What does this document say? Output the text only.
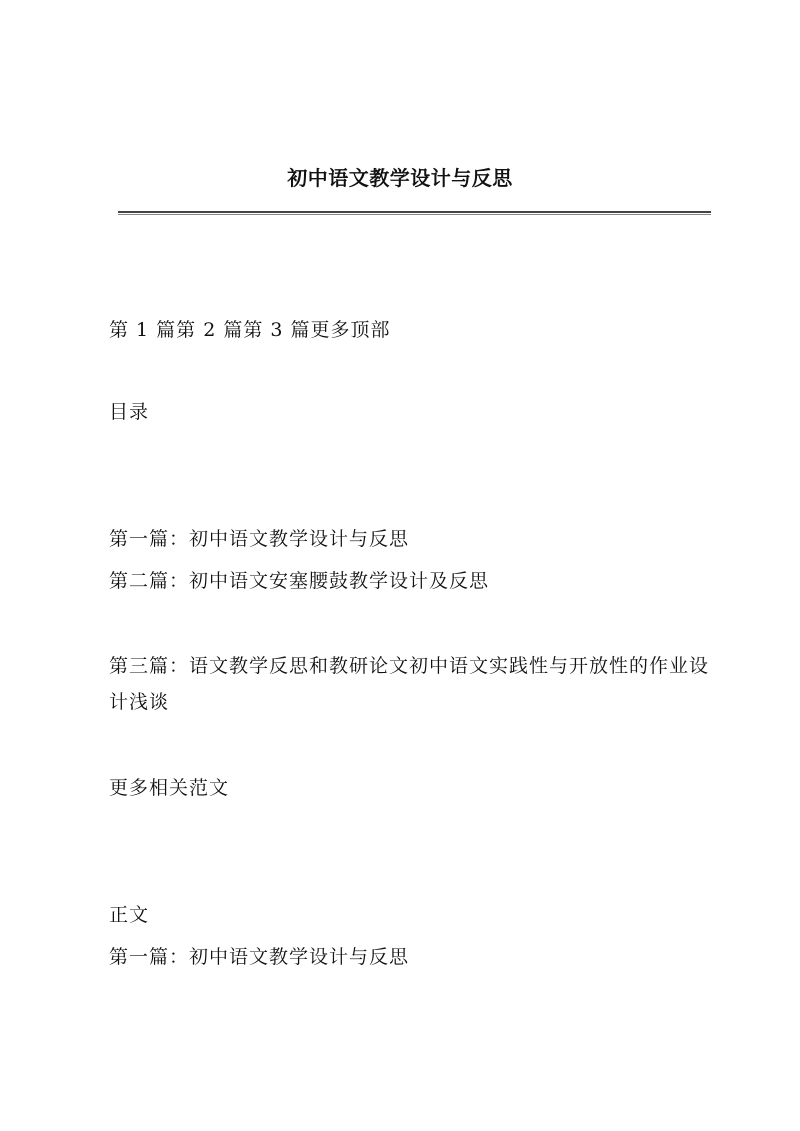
初中语文教学设计与反思
第 1 篇第 2 篇第 3 篇更多顶部
目录
第一篇：初中语文教学设计与反思
第二篇：初中语文安塞腰鼓教学设计及反思
第三篇：语文教学反思和教研论文初中语文实践性与开放性的作业设计浅谈
更多相关范文
正文
第一篇：初中语文教学设计与反思
